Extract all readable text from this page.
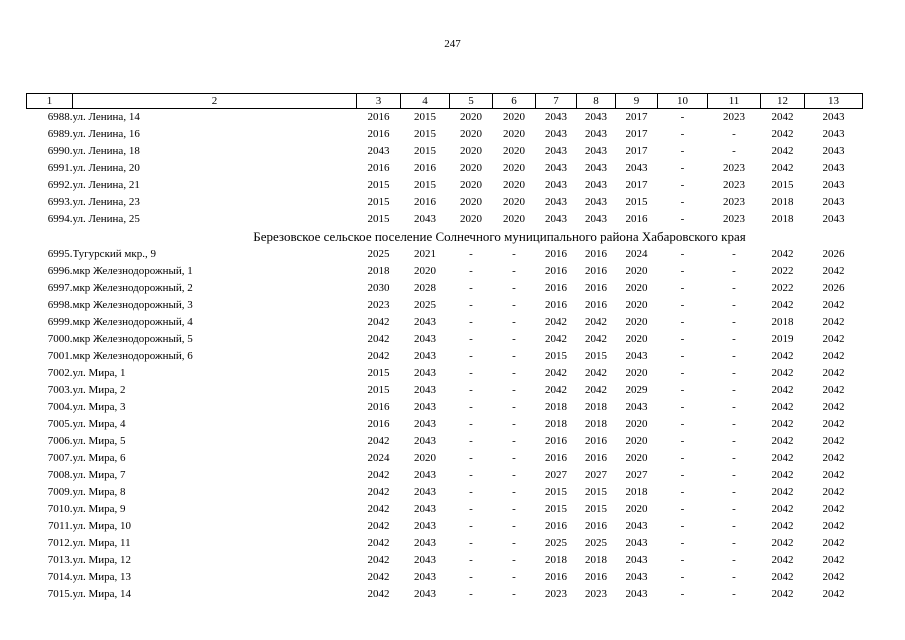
247
1	2	3	4	5	6	7	8	9	10	11	12	13
6988.	ул. Ленина, 14	2016	2015	2020	2020	2043	2043	2017	-	2023	2042	2043
6989.	ул. Ленина, 16	2016	2015	2020	2020	2043	2043	2017	-	-	2042	2043
6990.	ул. Ленина, 18	2043	2015	2020	2020	2043	2043	2017	-	-	2042	2043
6991.	ул. Ленина, 20	2016	2016	2020	2020	2043	2043	2043	-	2023	2042	2043
6992.	ул. Ленина, 21	2015	2015	2020	2020	2043	2043	2017	-	2023	2015	2043
6993.	ул. Ленина, 23	2015	2016	2020	2020	2043	2043	2015	-	2023	2018	2043
6994.	ул. Ленина, 25	2015	2043	2020	2020	2043	2043	2016	-	2023	2018	2043
Березовское сельское поселение Солнечного муниципального района Хабаровского края												
6995.	Тугурский мкр., 9	2025	2021	-	-	2016	2016	2024	-	-	2042	2026
6996.	мкр Железнодорожный, 1	2018	2020	-	-	2016	2016	2020	-	-	2022	2042
6997.	мкр Железнодорожный, 2	2030	2028	-	-	2016	2016	2020	-	-	2022	2026
6998.	мкр Железнодорожный, 3	2023	2025	-	-	2016	2016	2020	-	-	2042	2042
6999.	мкр Железнодорожный, 4	2042	2043	-	-	2042	2042	2020	-	-	2018	2042
7000.	мкр Железнодорожный, 5	2042	2043	-	-	2042	2042	2020	-	-	2019	2042
7001.	мкр Железнодорожный, 6	2042	2043	-	-	2015	2015	2043	-	-	2042	2042
7002.	ул. Мира, 1	2015	2043	-	-	2042	2042	2020	-	-	2042	2042
7003.	ул. Мира, 2	2015	2043	-	-	2042	2042	2029	-	-	2042	2042
7004.	ул. Мира, 3	2016	2043	-	-	2018	2018	2043	-	-	2042	2042
7005.	ул. Мира, 4	2016	2043	-	-	2018	2018	2020	-	-	2042	2042
7006.	ул. Мира, 5	2042	2043	-	-	2016	2016	2020	-	-	2042	2042
7007.	ул. Мира, 6	2024	2020	-	-	2016	2016	2020	-	-	2042	2042
7008.	ул. Мира, 7	2042	2043	-	-	2027	2027	2027	-	-	2042	2042
7009.	ул. Мира, 8	2042	2043	-	-	2015	2015	2018	-	-	2042	2042
7010.	ул. Мира, 9	2042	2043	-	-	2015	2015	2020	-	-	2042	2042
7011.	ул. Мира, 10	2042	2043	-	-	2016	2016	2043	-	-	2042	2042
7012.	ул. Мира, 11	2042	2043	-	-	2025	2025	2043	-	-	2042	2042
7013.	ул. Мира, 12	2042	2043	-	-	2018	2018	2043	-	-	2042	2042
7014.	ул. Мира, 13	2042	2043	-	-	2016	2016	2043	-	-	2042	2042
7015.	ул. Мира, 14	2042	2043	-	-	2023	2023	2043	-	-	2042	2042
